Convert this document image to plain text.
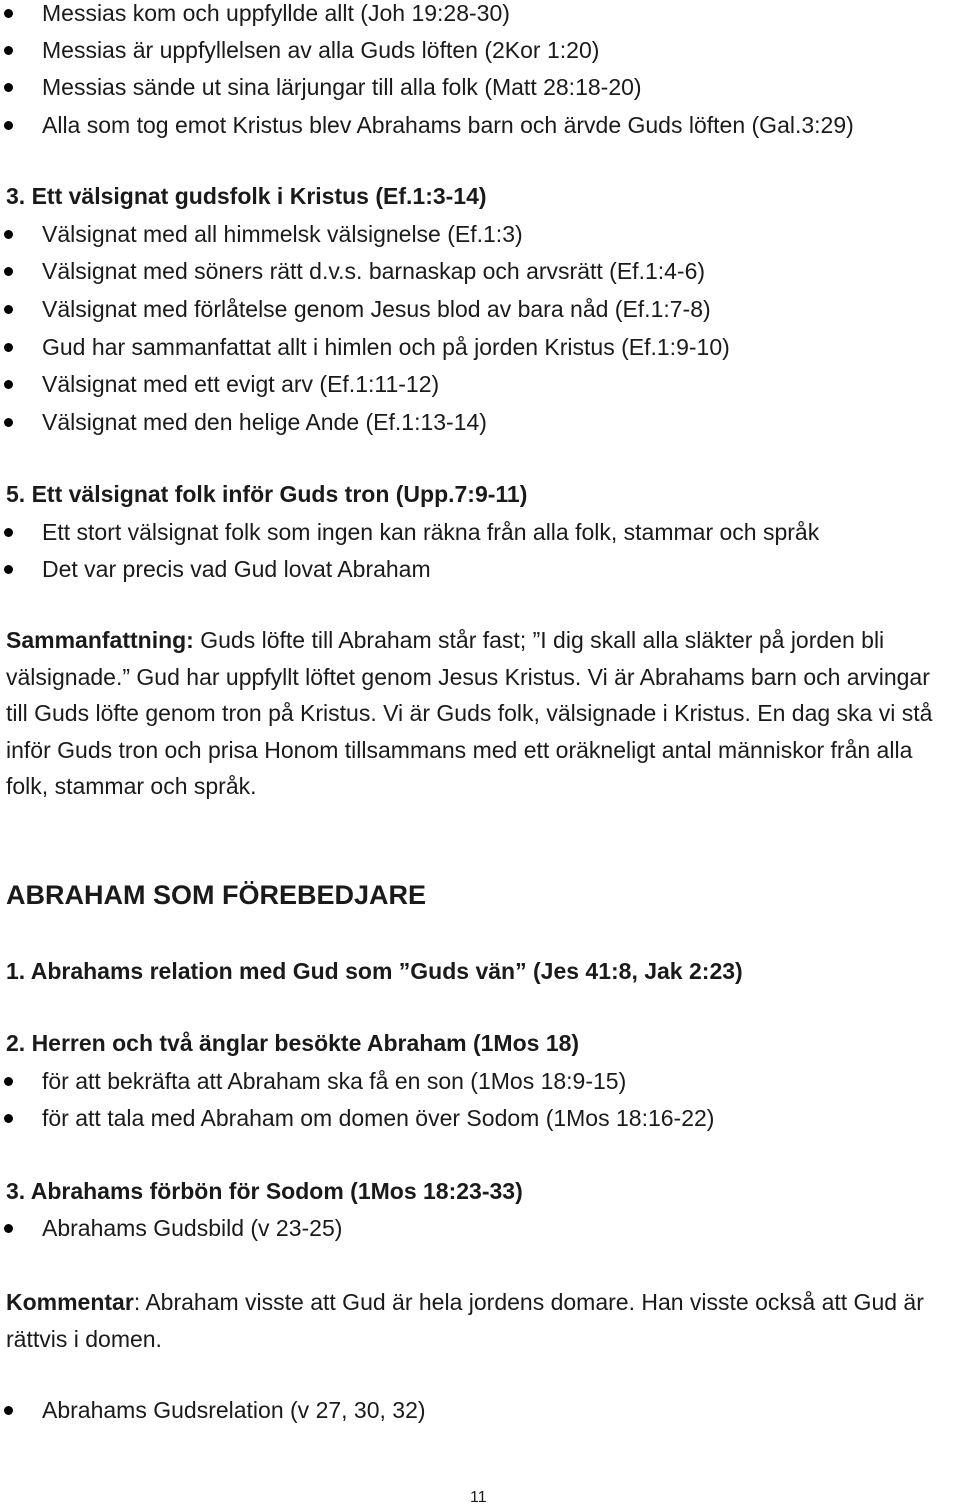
Messias kom och uppfyllde allt (Joh 19:28-30)
Messias är uppfyllelsen av alla Guds löften (2Kor 1:20)
Messias sände ut sina lärjungar till alla folk (Matt 28:18-20)
Alla som tog emot Kristus blev Abrahams barn och ärvde Guds löften (Gal.3:29)
3. Ett välsignat gudsfolk i Kristus (Ef.1:3-14)
Välsignat med all himmelsk välsignelse (Ef.1:3)
Välsignat med söners rätt d.v.s. barnaskap och arvsrätt (Ef.1:4-6)
Välsignat med förlåtelse genom Jesus blod av bara nåd (Ef.1:7-8)
Gud har sammanfattat allt i himlen och på jorden Kristus (Ef.1:9-10)
Välsignat med ett evigt arv (Ef.1:11-12)
Välsignat med den helige Ande (Ef.1:13-14)
5. Ett välsignat folk inför Guds tron (Upp.7:9-11)
Ett stort välsignat folk som ingen kan räkna från alla folk, stammar och språk
Det var precis vad Gud lovat Abraham
Sammanfattning: Guds löfte till Abraham står fast; ”I dig skall alla släkter på jorden bli välsignade.” Gud har uppfyllt löftet genom Jesus Kristus. Vi är Abrahams barn och arvingar till Guds löfte genom tron på Kristus. Vi är Guds folk, välsignade i Kristus. En dag ska vi stå inför Guds tron och prisa Honom tillsammans med ett oräkneligt antal människor från alla folk, stammar och språk.
ABRAHAM SOM FÖREBEDJARE
1. Abrahams relation med Gud som ”Guds vän” (Jes 41:8, Jak 2:23)
2. Herren och två änglar besökte Abraham (1Mos 18)
för att bekräfta att Abraham ska få en son (1Mos 18:9-15)
för att tala med Abraham om domen över Sodom (1Mos 18:16-22)
3. Abrahams förbön för Sodom (1Mos 18:23-33)
Abrahams Gudsbild (v 23-25)
Kommentar: Abraham visste att Gud är hela jordens domare. Han visste också att Gud är rättvis i domen.
Abrahams Gudsrelation (v 27, 30, 32)
11
